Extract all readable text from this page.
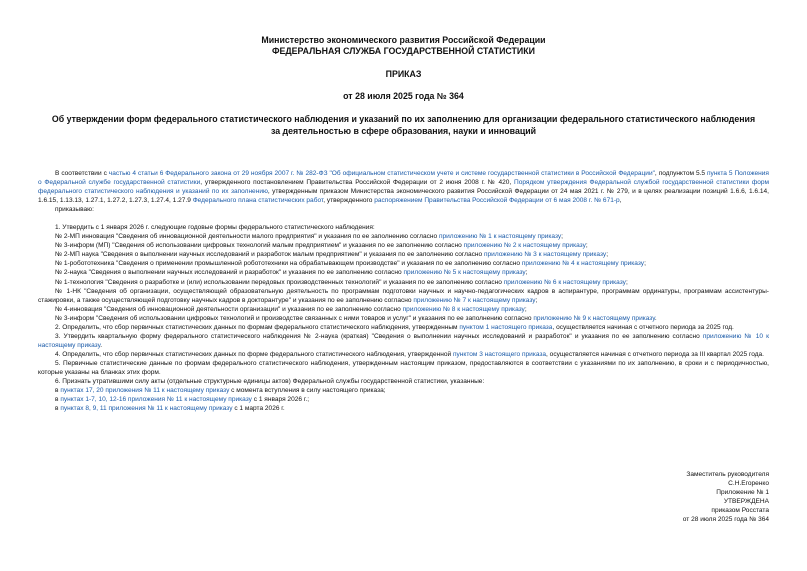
Министерство экономического развития Российской Федерации
ФЕДЕРАЛЬНАЯ СЛУЖБА ГОСУДАРСТВЕННОЙ СТАТИСТИКИ
ПРИКАЗ
от 28 июля 2025 года № 364
Об утверждении форм федерального статистического наблюдения и указаний по их заполнению для организации федерального статистического наблюдения за деятельностью в сфере образования, науки и инноваций

В соответствии с частью 4 статьи 6 Федерального закона от 29 ноября 2007 г. № 282-ФЗ "Об официальном статистическом учете и системе государственной статистики в Российской Федерации", подпунктом 5.5 пункта 5 Положения о Федеральной службе государственной статистики, утвержденного постановлением Правительства Российской Федерации от 2 июня 2008 г. № 420, Порядком утверждения Федеральной службой государственной статистики форм федерального статистического наблюдения и указаний по их заполнению, утвержденным приказом Министерства экономического развития Российской Федерации от 24 мая 2021 г. № 279, и в целях реализации позиций 1.6.6, 1.6.14, 1.6.15, 1.13.13, 1.27.1, 1.27.2, 1.27.3, 1.27.4, 1.27.9 Федерального плана статистических работ, утвержденного распоряжением Правительства Российской Федерации от 6 мая 2008 г. № 671-р,

приказываю:

1. Утвердить с 1 января 2026 г. следующие годовые формы федерального статистического наблюдения:

№ 2-МП инновация "Сведения об инновационной деятельности малого предприятия" и указания по ее заполнению согласно приложению № 1 к настоящему приказу;

№ 3-информ (МП) "Сведения об использовании цифровых технологий малым предприятием" и указания по ее заполнению согласно приложению № 2 к настоящему приказу;

№ 2-МП наука "Сведения о выполнении научных исследований и разработок малым предприятием" и указания по ее заполнению согласно приложению № 3 к настоящему приказу;

№ 1-робототехника "Сведения о применении промышленной робототехники на обрабатывающем производстве" и указания по ее заполнению согласно приложению № 4 к настоящему приказу;

№ 2-наука "Сведения о выполнении научных исследований и разработок" и указания по ее заполнению согласно приложению № 5 к настоящему приказу;

№ 1-технология "Сведения о разработке и (или) использовании передовых производственных технологий" и указания по ее заполнению согласно приложению № 6 к настоящему приказу;

№ 1-НК "Сведения об организации, осуществляющей образовательную деятельность по программам подготовки научных и научно-педагогических кадров в аспирантуре, программам ординатуры, программам ассистентуры-стажировки, а также осуществляющей подготовку научных кадров в докторантуре" и указания по ее заполнению согласно приложению № 7 к настоящему приказу;

№ 4-инновация "Сведения об инновационной деятельности организации" и указания по ее заполнению согласно приложению № 8 к настоящему приказу;

№ 3-информ "Сведения об использовании цифровых технологий и производстве связанных с ними товаров и услуг" и указания по ее заполнению согласно приложению № 9 к настоящему приказу.

2. Определить, что сбор первичных статистических данных по формам федерального статистического наблюдения, утвержденным пунктом 1 настоящего приказа, осуществляется начиная с отчетного периода за 2025 год.

3. Утвердить квартальную форму федерального статистического наблюдения № 2-наука (краткая) "Сведения о выполнении научных исследований и разработок" и указания по ее заполнению согласно приложению № 10 к настоящему приказу.

4. Определить, что сбор первичных статистических данных по форме федерального статистического наблюдения, утвержденной пунктом 3 настоящего приказа, осуществляется начиная с отчетного периода за III квартал 2025 года.

5. Первичные статистические данные по формам федерального статистического наблюдения, утвержденным настоящим приказом, предоставляются в соответствии с указаниями по их заполнению, в сроки и с периодичностью, которые указаны на бланках этих форм.

6. Признать утратившими силу акты (отдельные структурные единицы актов) Федеральной службы государственной статистики, указанные:

в пунктах 17, 20 приложения № 11 к настоящему приказу с момента вступления в силу настоящего приказа;

в пунктах 1-7, 10, 12-16 приложения № 11 к настоящему приказу с 1 января 2026 г.;

в пунктах 8, 9, 11 приложения № 11 к настоящему приказу с 1 марта 2026 г.

Заместитель руководителя
С.Н.Егоренко
Приложение № 1
УТВЕРЖДЕНА
приказом Росстата
от 28 июля 2025 года № 364
